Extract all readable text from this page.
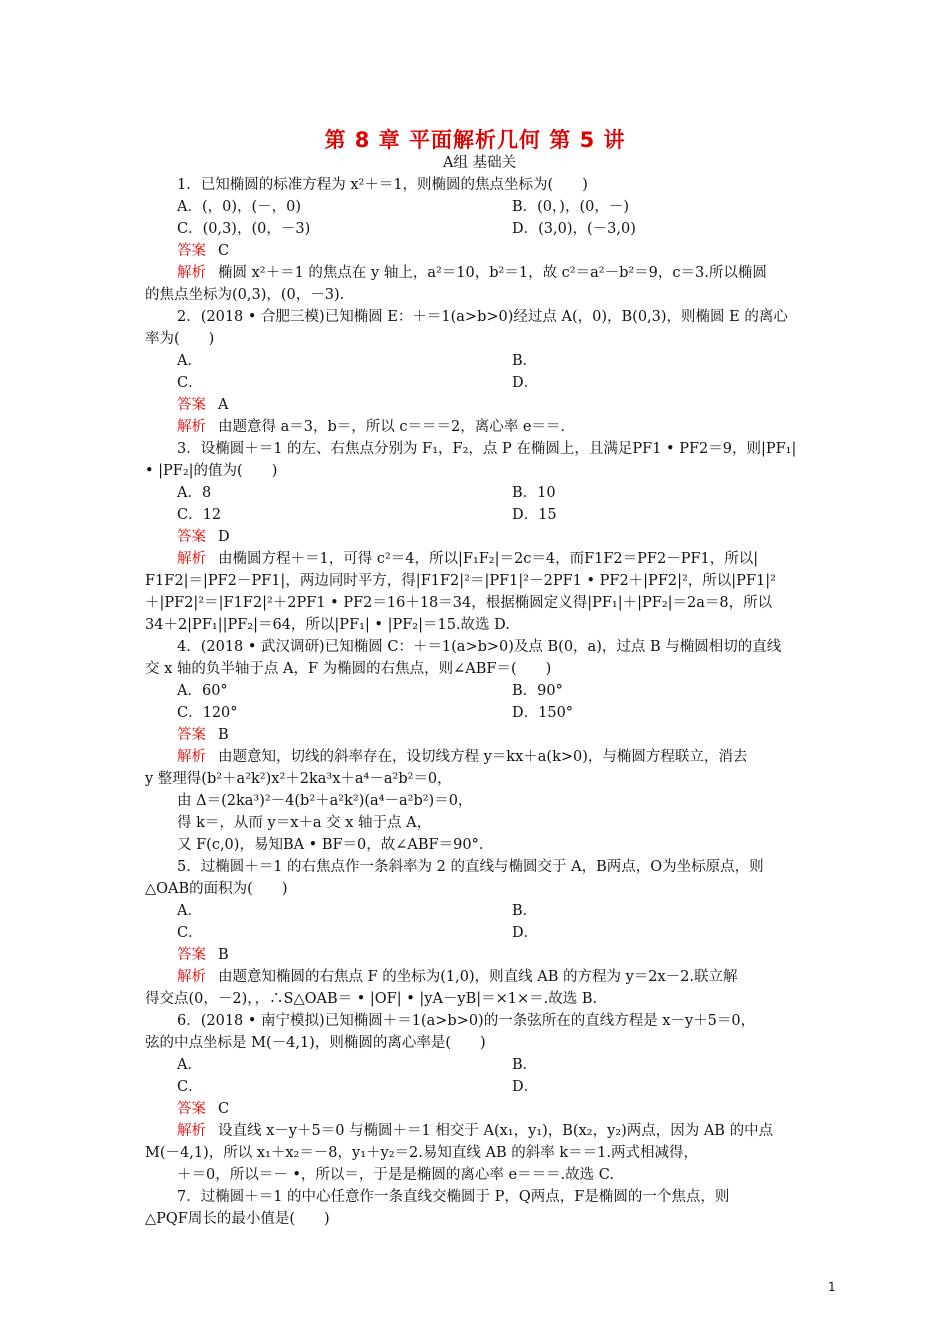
第 8 章 平面解析几何 第 5 讲
A组 基础关
1．已知椭圆的标准方程为 x²＋＝1，则椭圆的焦点坐标为(　　)
A．(，0)，(－，0)	B．(0，)，(0，－)
C．(0,3)，(0，－3)	D．(3,0)，(－3,0)
答案 C
解析 椭圆 x²＋＝1 的焦点在 y 轴上，a²＝10，b²＝1，故 c²＝a²－b²＝9，c＝3.所以椭圆
的焦点坐标为(0,3)，(0，－3).
2．(2018 • 合肥三模)已知椭圆 E：＋＝1(a>b>0)经过点 A(，0)，B(0,3)，则椭圆 E 的离心
率为(　　)
A．	B．
C．	D．
答案 A
解析 由题意得 a＝3，b＝，所以 c＝＝＝2，离心率 e＝＝.
3．设椭圆＋＝1 的左、右焦点分别为 F₁，F₂，点 P 在椭圆上，且满足PF1 • PF2＝9，则|PF₁|
• |PF₂|的值为(　　)
A．8	B．10
C．12	D．15
答案 D
解析 由椭圆方程＋＝1，可得 c²＝4，所以|F₁F₂|＝2c＝4，而F1F2＝PF2－PF1，所以|
F1F2|＝|PF2－PF1|，两边同时平方，得|F1F2|²＝|PF1|²－2PF1 • PF2＋|PF2|²，所以|PF1|²
＋|PF2|²＝|F1F2|²＋2PF1 • PF2＝16＋18＝34，根据椭圆定义得|PF₁|＋|PF₂|＝2a＝8，所以
34＋2|PF₁||PF₂|＝64，所以|PF₁| • |PF₂|＝15.故选 D.
4．(2018 • 武汉调研)已知椭圆 C：＋＝1(a>b>0)及点 B(0，a)，过点 B 与椭圆相切的直线
交 x 轴的负半轴于点 A，F 为椭圆的右焦点，则∠ABF＝(　　)
A．60°	B．90°
C．120°	D．150°
答案 B
解析 由题意知，切线的斜率存在，设切线方程 y＝kx＋a(k>0)，与椭圆方程联立，消去
y 整理得(b²＋a²k²)x²＋2ka³x＋a⁴－a²b²＝0，
由 Δ＝(2ka³)²－4(b²＋a²k²)(a⁴－a²b²)＝0，
得 k＝，从而 y＝x＋a 交 x 轴于点 A，
又 F(c,0)，易知BA • BF＝0，故∠ABF＝90°．
5．过椭圆＋＝1 的右焦点作一条斜率为 2 的直线与椭圆交于 A，B两点，O为坐标原点，则
△OAB的面积为(　　)
A．	B．
C．	D．
答案 B
解析 由题意知椭圆的右焦点 F 的坐标为(1,0)，则直线 AB 的方程为 y＝2x－2.联立解
得交点(0，－2)，，∴S△OAB＝ • |OF| • |yA－yB|＝×1×＝.故选 B.
6．(2018 • 南宁模拟)已知椭圆＋＝1(a>b>0)的一条弦所在的直线方程是 x－y＋5＝0，
弦的中点坐标是 M(－4,1)，则椭圆的离心率是(　　)
A．	B．
C．	D．
答案 C
解析 设直线 x－y＋5＝0 与椭圆＋＝1 相交于 A(x₁，y₁)，B(x₂，y₂)两点，因为 AB 的中点
M(－4,1)，所以 x₁＋x₂＝－8，y₁＋y₂＝2.易知直线 AB 的斜率 k＝＝1.两式相减得，
＋＝0，所以＝－ •，所以＝，于是是椭圆的离心率 e＝＝＝.故选 C.
7．过椭圆＋＝1 的中心任意作一条直线交椭圆于 P，Q两点，F是椭圆的一个焦点，则
△PQF周长的最小值是(　　)
1
